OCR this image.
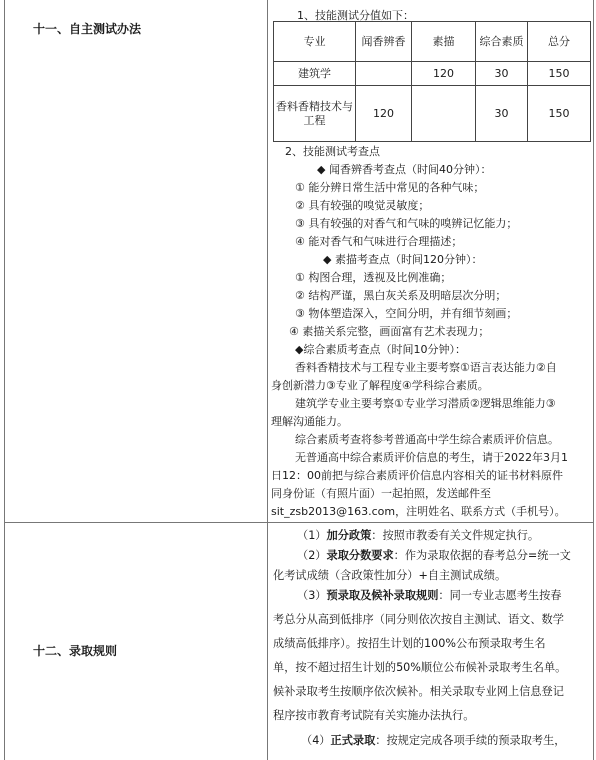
十一、自主测试办法
1、技能测试分值如下：
专业	闻香辨香	素描	综合素质	总分
建筑学		120	30	150
香料香精技术与工程	120		30	150
2、技能测试考查点
◆ 闻香辨香考查点（时间40分钟）：
① 能分辨日常生活中常见的各种气味；
② 具有较强的嗅觉灵敏度；
③ 具有较强的对香气和气味的嗅辨记忆能力；
④ 能对香气和气味进行合理描述；
◆ 素描考查点（时间120分钟）：
① 构图合理，透视及比例准确；
② 结构严谨，黑白灰关系及明暗层次分明；
③ 物体塑造深入，空间分明，并有细节刻画；
④ 素描关系完整，画面富有艺术表现力；
◆综合素质考查点（时间10分钟）：
香料香精技术与工程专业主要考察①语言表达能力②自
身创新潜力③专业了解程度④学科综合素质。
建筑学专业主要考察①专业学习潜质②逻辑思维能力③
理解沟通能力。
综合素质考查将参考普通高中学生综合素质评价信息。
无普通高中综合素质评价信息的考生，请于2022年3月1
日12：00前把与综合素质评价信息内容相关的证书材料原件
同身份证（有照片面）一起拍照，发送邮件至
sit_zsb2013@163.com，注明姓名、联系方式（手机号）。
十二、录取规则
（1）加分政策：按照市教委有关文件规定执行。
（2）录取分数要求：作为录取依据的春考总分=统一文
化考试成绩（含政策性加分）+自主测试成绩。
（3）预录取及候补录取规则：同一专业志愿考生按春
考总分从高到低排序（同分则依次按自主测试、语文、数学
成绩高低排序）。按招生计划的100%公布预录取考生名
单，按不超过招生计划的50%顺位公布候补录取考生名单。
候补录取考生按顺序依次候补。相关录取专业网上信息登记
程序按市教育考试院有关实施办法执行。
（4）正式录取：按规定完成各项手续的预录取考生，
